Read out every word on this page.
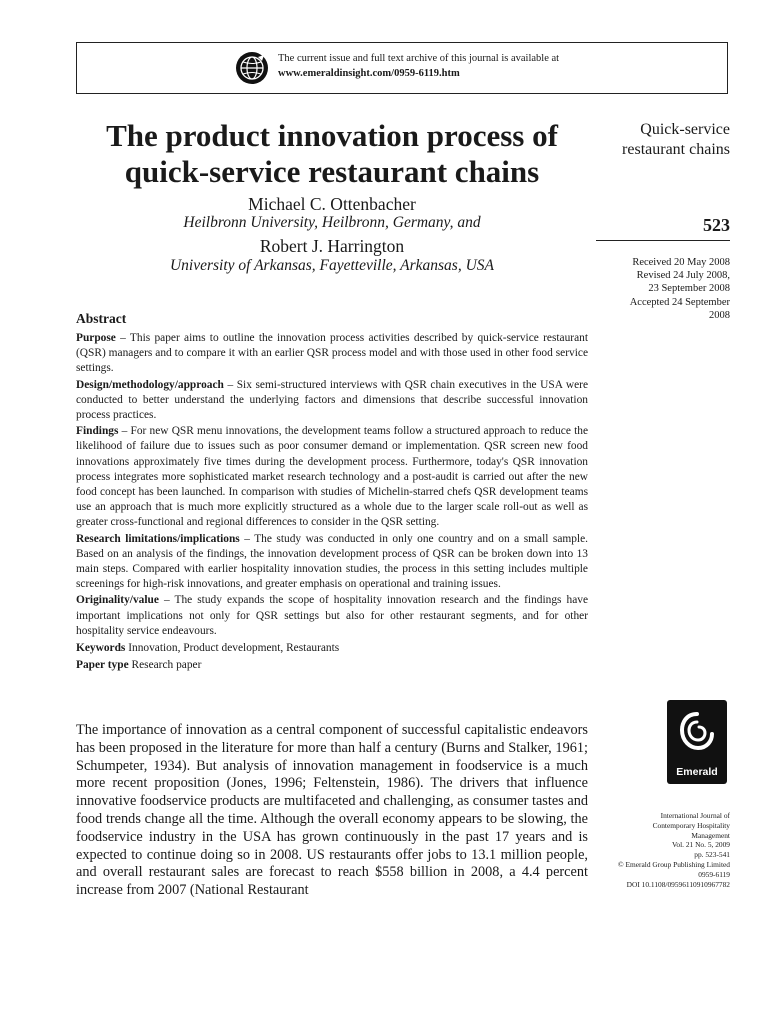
The current issue and full text archive of this journal is available at
www.emeraldinsight.com/0959-6119.htm
The product innovation process of quick-service restaurant chains
Michael C. Ottenbacher
Heilbronn University, Heilbronn, Germany, and
Robert J. Harrington
University of Arkansas, Fayetteville, Arkansas, USA
Quick-service restaurant chains
523
Received 20 May 2008
Revised 24 July 2008,
23 September 2008
Accepted 24 September
2008
Abstract

Purpose – This paper aims to outline the innovation process activities described by quick-service restaurant (QSR) managers and to compare it with an earlier QSR process model and with those used in other food service settings.

Design/methodology/approach – Six semi-structured interviews with QSR chain executives in the USA were conducted to better understand the underlying factors and dimensions that describe successful innovation process practices.

Findings – For new QSR menu innovations, the development teams follow a structured approach to reduce the likelihood of failure due to issues such as poor consumer demand or implementation. QSR screen new food innovations approximately five times during the development process. Furthermore, today's QSR innovation process integrates more sophisticated market research technology and a post-audit is carried out after the new food concept has been launched. In comparison with studies of Michelin-starred chefs QSR development teams use an approach that is much more explicitly structured as a whole due to the larger scale roll-out as well as greater cross-functional and regional differences to consider in the QSR setting.

Research limitations/implications – The study was conducted in only one country and on a small sample. Based on an analysis of the findings, the innovation development process of QSR can be broken down into 13 main steps. Compared with earlier hospitality innovation studies, the process in this setting includes multiple screenings for high-risk innovations, and greater emphasis on operational and training issues.

Originality/value – The study expands the scope of hospitality innovation research and the findings have important implications not only for QSR settings but also for other restaurant segments, and for other hospitality service endeavours.

Keywords Innovation, Product development, Restaurants

Paper type Research paper

The importance of innovation as a central component of successful capitalistic endeavors has been proposed in the literature for more than half a century (Burns and Stalker, 1961; Schumpeter, 1934). But analysis of innovation management in foodservice is a much more recent proposition (Jones, 1996; Feltenstein, 1986). The drivers that influence innovative foodservice products are multifaceted and challenging, as consumer tastes and food trends change all the time. Although the overall economy appears to be slowing, the foodservice industry in the USA has grown continuously in the past 17 years and is expected to continue doing so in 2008. US restaurants offer jobs to 13.1 million people, and overall restaurant sales are forecast to reach $558 billion in 2008, a 4.4 percent increase from 2007 (National Restaurant

Emerald
International Journal of
Contemporary Hospitality
Management
Vol. 21 No. 5, 2009
pp. 523-541
© Emerald Group Publishing Limited
0959-6119
DOI 10.1108/09596110910967782
